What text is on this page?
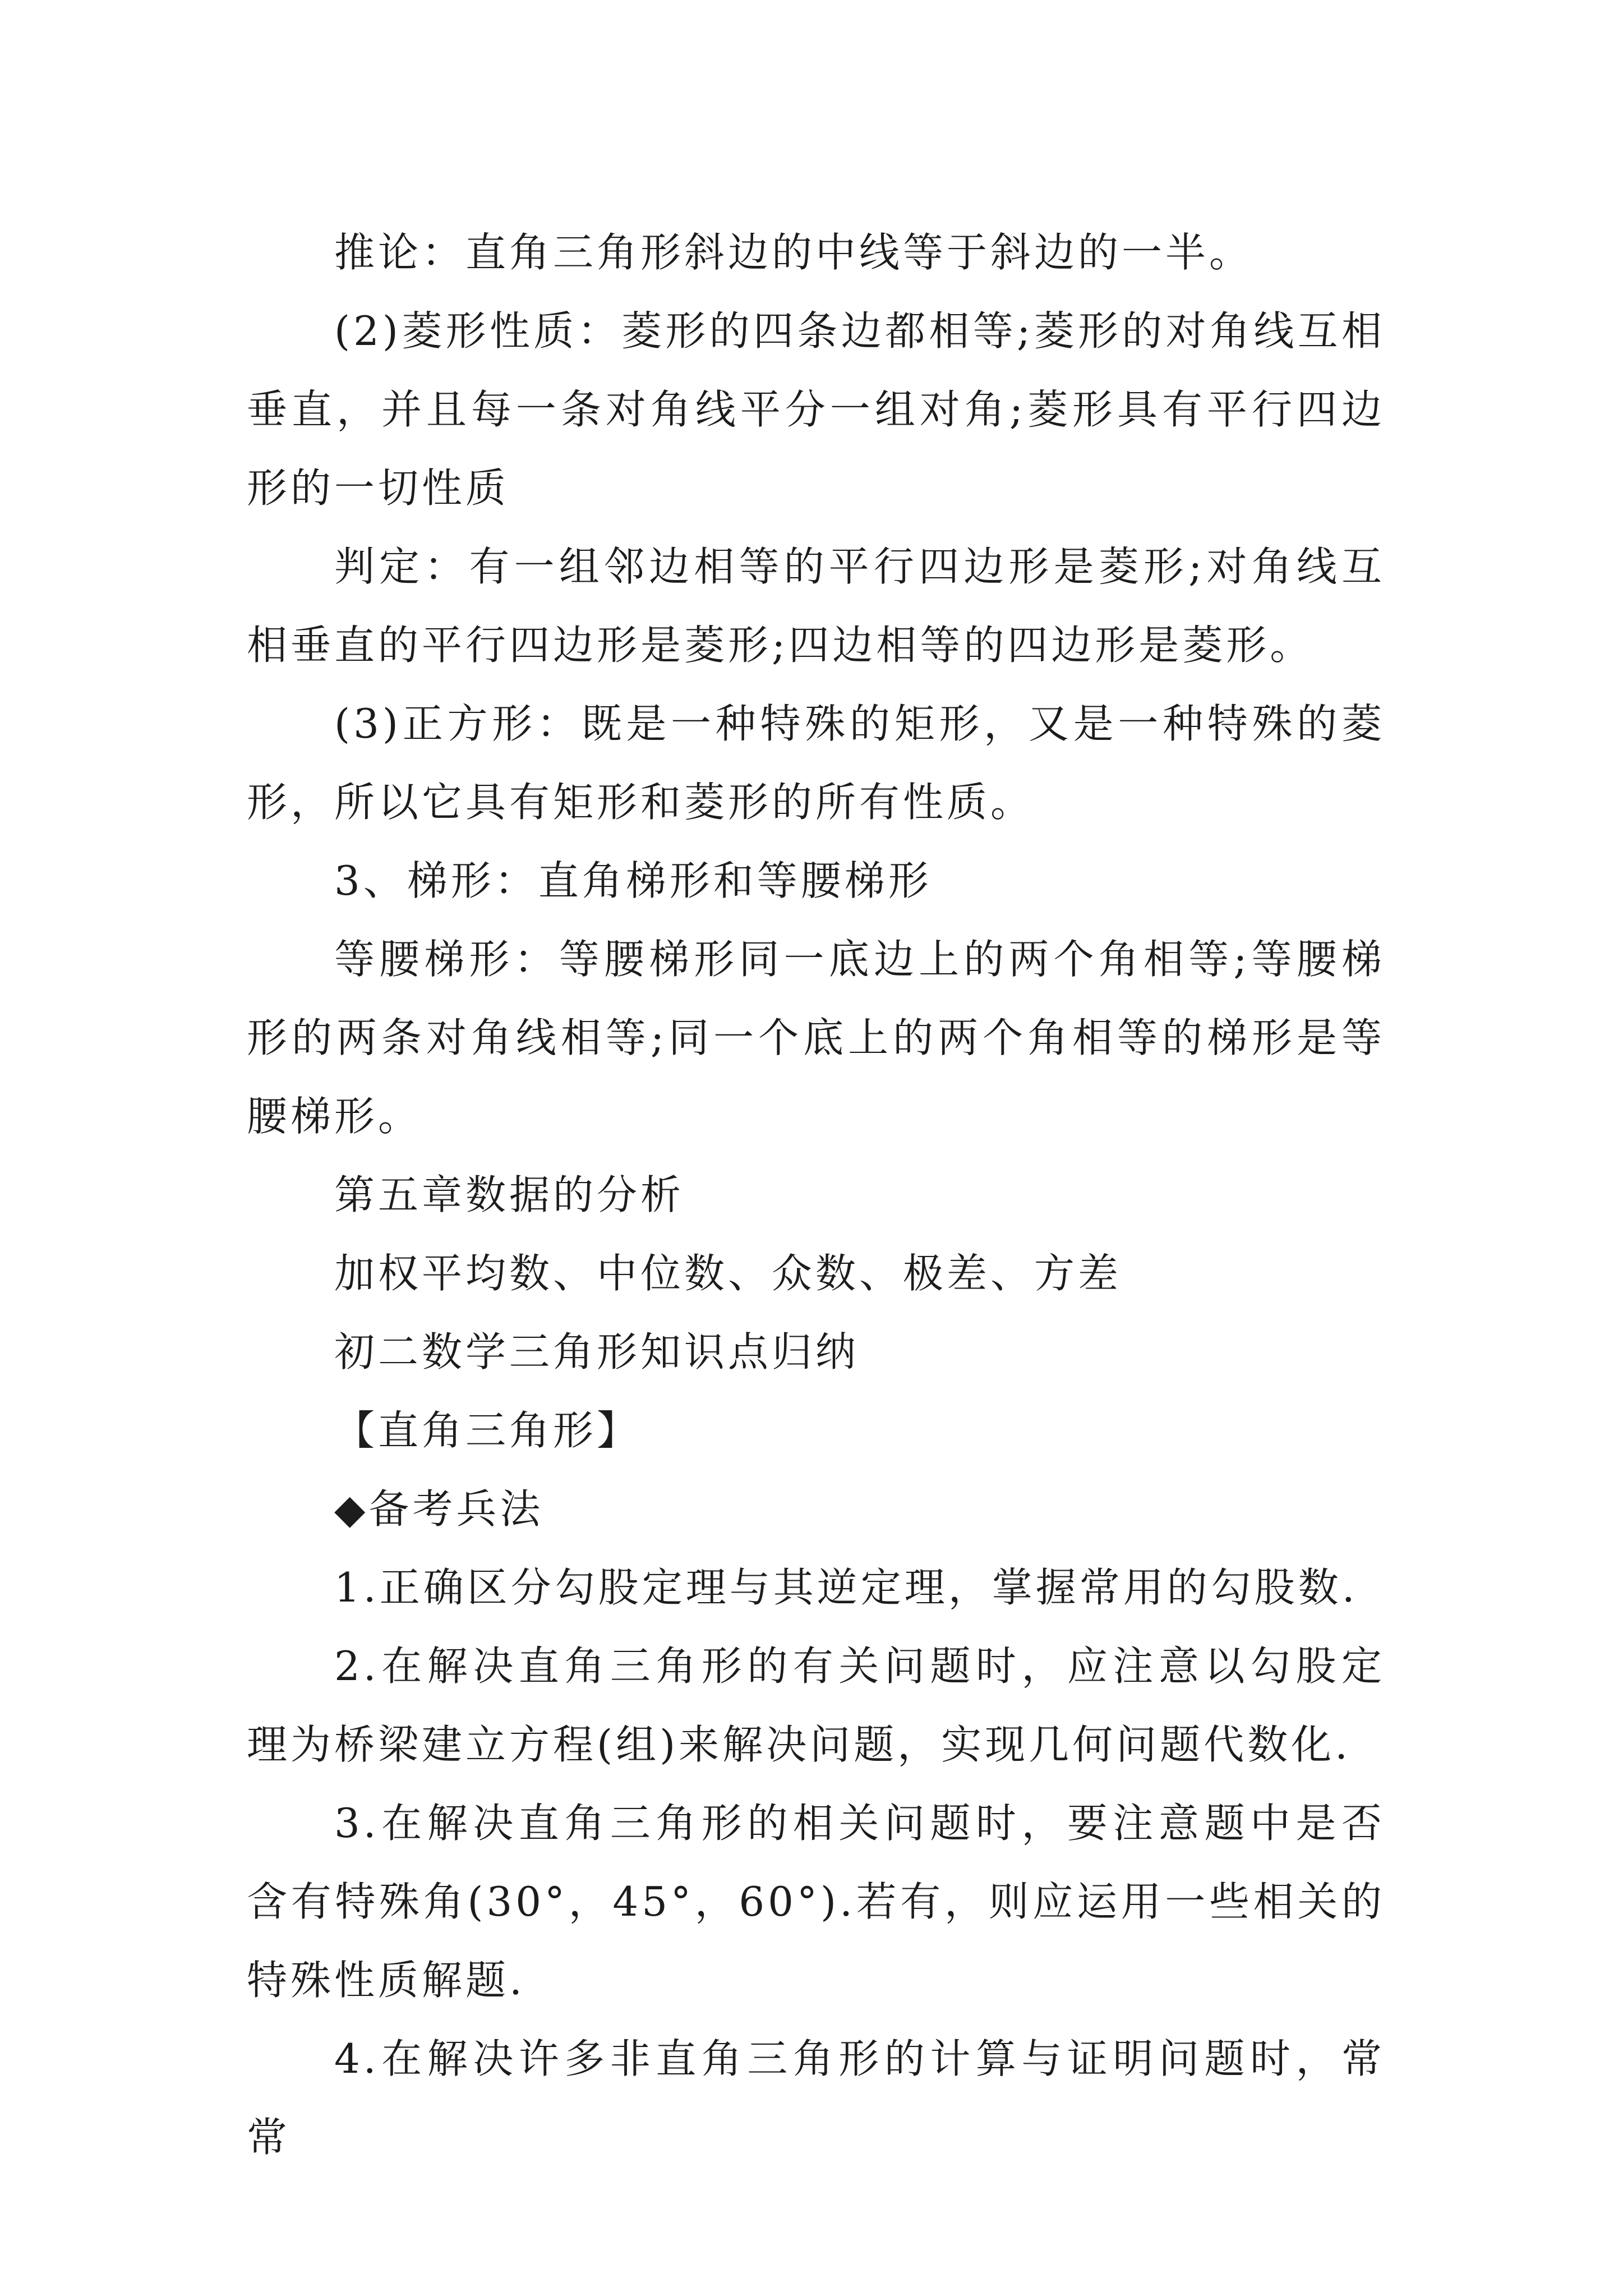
推论：直角三角形斜边的中线等于斜边的一半。

(2)菱形性质：菱形的四条边都相等;菱形的对角线互相垂直，并且每一条对角线平分一组对角;菱形具有平行四边形的一切性质

判定：有一组邻边相等的平行四边形是菱形;对角线互相垂直的平行四边形是菱形;四边相等的四边形是菱形。

(3)正方形：既是一种特殊的矩形，又是一种特殊的菱形，所以它具有矩形和菱形的所有性质。

3、梯形：直角梯形和等腰梯形

等腰梯形：等腰梯形同一底边上的两个角相等;等腰梯形的两条对角线相等;同一个底上的两个角相等的梯形是等腰梯形。

第五章数据的分析

加权平均数、中位数、众数、极差、方差

初二数学三角形知识点归纳

【直角三角形】

◆备考兵法

1.正确区分勾股定理与其逆定理，掌握常用的勾股数.

2.在解决直角三角形的有关问题时，应注意以勾股定理为桥梁建立方程(组)来解决问题，实现几何问题代数化.

3.在解决直角三角形的相关问题时，要注意题中是否含有特殊角(30°，45°，60°).若有，则应运用一些相关的特殊性质解题.

4.在解决许多非直角三角形的计算与证明问题时，常常
